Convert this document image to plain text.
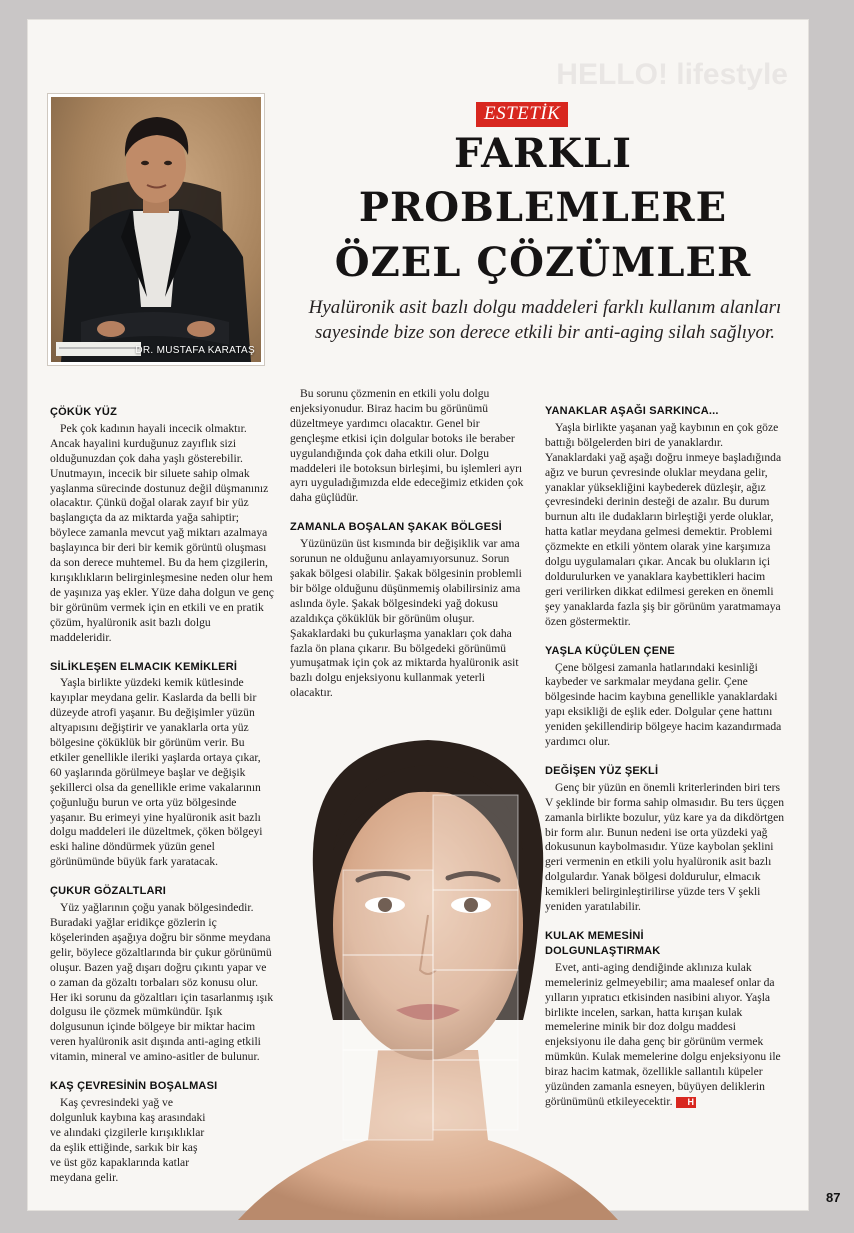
HELLO! lifestyle
DR. MUSTAFA KARATAŞ
ESTETİK
FARKLI
PROBLEMLERE
ÖZEL ÇÖZÜMLER
Hyalüronik asit bazlı dolgu maddeleri farklı kullanım alanları sayesinde bize son derece etkili bir anti-aging silah sağlıyor.
ÇÖKÜK YÜZ

Pek çok kadının hayali incecik olmaktır. Ancak hayalini kurduğunuz zayıflık sizi olduğunuzdan çok daha yaşlı gösterebilir. Unutmayın, incecik bir siluete sahip olmak yaşlanma sürecinde dostunuz değil düşmanınız olacaktır. Çünkü doğal olarak zayıf bir yüz başlangıçta da az miktarda yağa sahiptir; böylece zamanla mevcut yağ miktarı azalmaya başlayınca bir deri bir kemik görüntü oluşması da son derece muhtemel. Bu da hem çizgilerin, kırışıklıkların belirginleşmesine neden olur hem de yaşınıza yaş ekler. Yüze daha dolgun ve genç bir görünüm vermek için en etkili ve en pratik çözüm, hyalüronik asit bazlı dolgu maddeleridir.

SİLİKLEŞEN ELMACIK KEMİKLERİ

Yaşla birlikte yüzdeki kemik kütlesinde kayıplar meydana gelir. Kaslarda da belli bir düzeyde atrofi yaşanır. Bu değişimler yüzün altyapısını değiştirir ve yanaklarla orta yüz bölgesine çöküklük bir görünüm verir. Bu etkiler genellikle ileriki yaşlarda ortaya çıkar, 60 yaşlarında görülmeye başlar ve değişik şekillerci olsa da genellikle erime vakalarının çoğunluğu burun ve orta yüz bölgesinde yaşanır. Bu erimeyi yine hyalüronik asit bazlı dolgu maddeleri ile düzeltmek, çöken bölgeyi eski haline döndürmek yüzün genel görünümünde büyük fark yaratacak.

ÇUKUR GÖZALTLARI

Yüz yağlarının çoğu yanak bölgesindedir. Buradaki yağlar eridikçe gözlerin iç köşelerinden aşağıya doğru bir sönme meydana gelir, böylece gözaltlarında bir çukur görünümü oluşur. Bazen yağ dışarı doğru çıkıntı yapar ve o zaman da gözaltı torbaları söz konusu olur. Her iki sorunu da gözaltları için tasarlanmış ışık dolgusu ile çözmek mümkündür. Işık dolgusunun içinde bölgeye bir miktar hacim veren hyalüronik asit dışında anti-aging etkili vitamin, mineral ve amino-asitler de bulunur.

KAŞ ÇEVRESİNİN BOŞALMASI

Kaş çevresindeki yağ ve dolgunluk kaybına kaş arasındaki ve alındaki çizgilerle kırışıklıklar da eşlik ettiğinde, sarkık bir kaş ve üst göz kapaklarında katlar meydana gelir.

Bu sorunu çözmenin en etkili yolu dolgu enjeksiyonudur. Biraz hacim bu görünümü düzeltmeye yardımcı olacaktır. Genel bir gençleşme etkisi için dolgular botoks ile beraber uygulandığında çok daha etkili olur. Dolgu maddeleri ile botoksun birleşimi, bu işlemleri ayrı ayrı uyguladığımızda elde edeceğimiz etkiden çok daha güçlüdür.

ZAMANLA BOŞALAN ŞAKAK BÖLGESİ

Yüzünüzün üst kısmında bir değişiklik var ama sorunun ne olduğunu anlayamıyorsunuz. Sorun şakak bölgesi olabilir. Şakak bölgesinin problemli bir bölge olduğunu düşünmemiş olabilirsiniz ama aslında öyle. Şakak bölgesindeki yağ dokusu azaldıkça çöküklük bir görünüm oluşur. Şakaklardaki bu çukurlaşma yanakları çok daha fazla ön plana çıkarır. Bu bölgedeki görünümü yumuşatmak için çok az miktarda hyalüronik asit bazlı dolgu enjeksiyonu kullanmak yeterli olacaktır.

YANAKLAR AŞAĞI SARKINCA...

Yaşla birlikte yaşanan yağ kaybının en çok göze battığı bölgelerden biri de yanaklardır. Yanaklardaki yağ aşağı doğru inmeye başladığında ağız ve burun çevresinde oluklar meydana gelir, yanaklar yüksekliğini kaybederek düzleşir, ağız çevresindeki derinin desteği de azalır. Bu durum burnun altı ile dudakların birleştiği yerde oluklar, hatta katlar meydana gelmesi demektir. Problemi çözmekte en etkili yöntem olarak yine karşımıza dolgu uygulamaları çıkar. Ancak bu olukların içi doldurulurken ve yanaklara kaybettikleri hacim geri verilirken dikkat edilmesi gereken en önemli şey yanaklarda fazla şiş bir görünüm yaratmamaya özen göstermektir.

YAŞLA KÜÇÜLEN ÇENE

Çene bölgesi zamanla hatlarındaki kesinliği kaybeder ve sarkmalar meydana gelir. Çene bölgesinde hacim kaybına genellikle yanaklardaki yapı eksikliği de eşlik eder. Dolgular çene hattını yeniden şekillendirip bölgeye hacim kazandırmada yardımcı olur.

DEĞİŞEN YÜZ ŞEKLİ

Genç bir yüzün en önemli kriterlerinden biri ters V şeklinde bir forma sahip olmasıdır. Bu ters üçgen zamanla birlikte bozulur, yüz kare ya da dikdörtgen bir form alır. Bunun nedeni ise orta yüzdeki yağ dokusunun kaybolmasıdır. Yüze kaybolan şeklini geri vermenin en etkili yolu hyalüronik asit bazlı dolgulardır. Yanak bölgesi doldurulur, elmacık kemikleri belirginleştirilirse yüzde ters V şekli yeniden yaratılabilir.

KULAK MEMESİNİ
DOLGUNLAŞTIRMAK

Evet, anti-aging dendiğinde aklınıza kulak memeleriniz gelmeyebilir; ama maalesef onlar da yılların yıpratıcı etkisinden nasibini alıyor. Yaşla birlikte incelen, sarkan, hatta kırışan kulak memelerine minik bir doz dolgu maddesi enjeksiyonu ile daha genç bir görünüm vermek mümkün. Kulak memelerine dolgu enjeksiyonu ile biraz hacim katmak, özellikle sallantılı küpeler yüzünden zamanla esneyen, büyüyen deliklerin görünümünü etkileyecektir. H

87
